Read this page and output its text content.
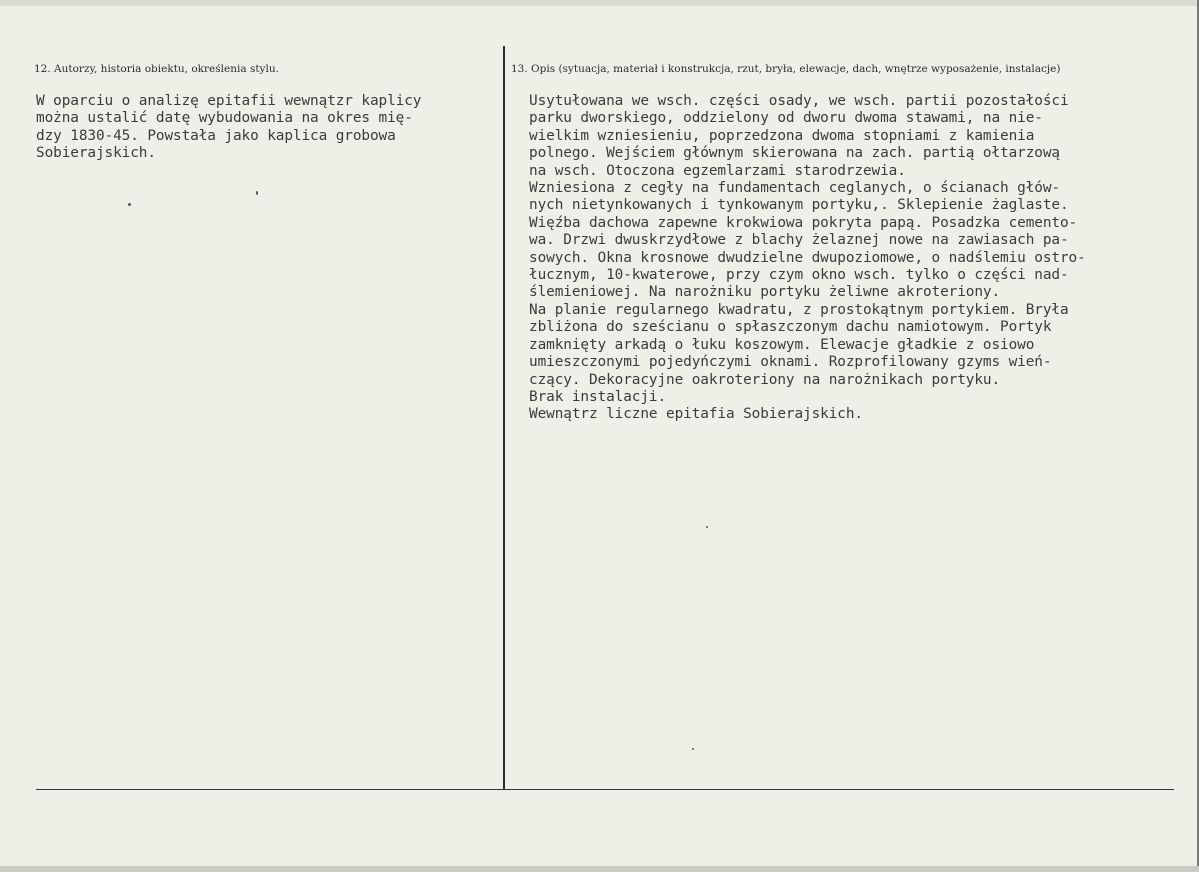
12. Autorzy, historia obiektu, określenia stylu.	13. Opis (sytuacja, materiał i konstrukcja, rzut, bryła, elewacje, dach, wnętrze wyposażenie, instalacje)
W oparciu o analizę epitafii wewnątzr kaplicy
można ustalić datę wybudowania na okres mię-
dzy 1830-45. Powstała jako kaplica grobowa
Sobierajskich.
Usytułowana we wsch. części osady, we wsch. partii pozostałości
parku dworskiego, oddzielony od dworu dwoma stawami, na nie-
wielkim wzniesieniu, poprzedzona dwoma stopniami z kamienia
polnego. Wejściem głównym skierowana na zach. partią ołtarzową
na wsch. Otoczona egzemlarzami starodrzewia.
Wzniesiona z cegły na fundamentach ceglanych, o ścianach głów-
nych nietynkowanych i tynkowanym portyku,. Sklepienie żaglaste.
Więźba dachowa zapewne krokwiowa pokryta papą. Posadzka cemento-
wa. Drzwi dwuskrzydłowe z blachy żelaznej nowe na zawiasach pa-
sowych. Okna krosnowe dwudzielne dwupoziomowe, o nadślemiu ostro-
łucznym, 10-kwaterowe, przy czym okno wsch. tylko o części nad-
ślemieniowej. Na narożniku portyku żeliwne akroteriony.
Na planie regularnego kwadratu, z prostokątnym portykiem. Bryła
zbliżona do sześcianu o spłaszczonym dachu namiotowym. Portyk
zamknięty arkadą o łuku koszowym. Elewacje gładkie z osiowo
umieszczonymi pojedyńczymi oknami. Rozprofilowany gzyms wień-
czący. Dekoracyjne oakroteriony na narożnikach portyku.
Brak instalacji.
Wewnątrz liczne epitafia Sobierajskich.
